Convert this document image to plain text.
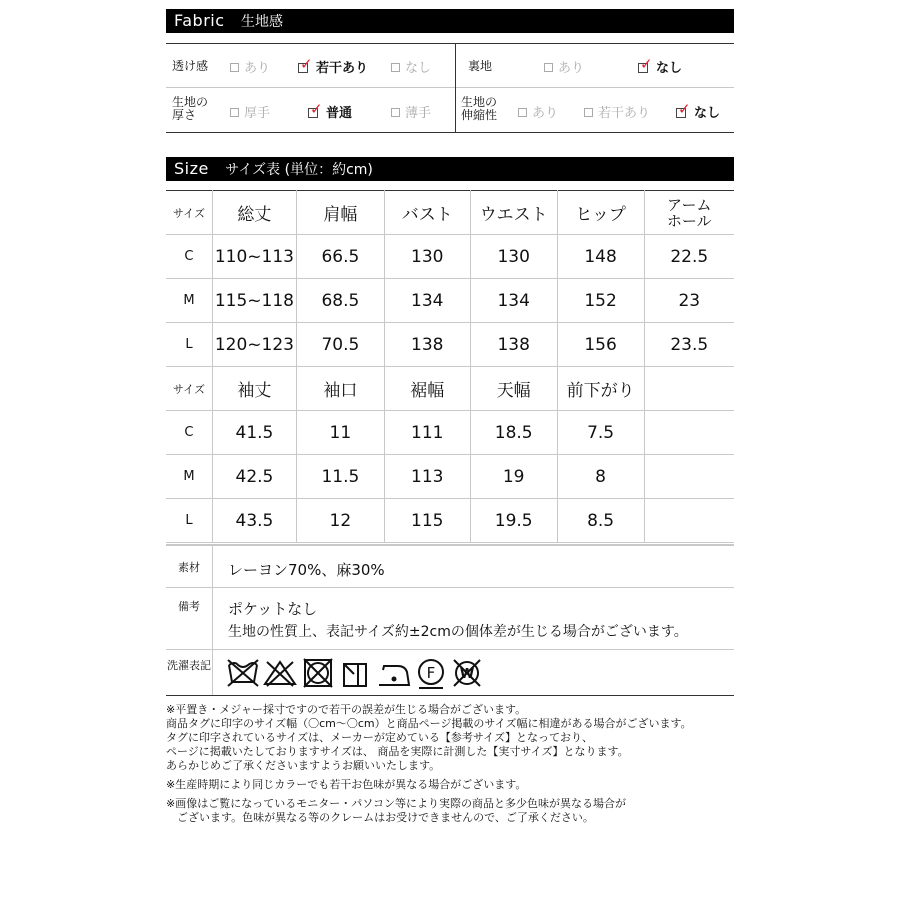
Fabric 生地感
透け感	あり ✓ 若干あり	なし	裏地	あり	✓ なし
生地の厚さ	厚手	✓ 普通	薄手
生地の伸縮性	あり	若干あり ✓ なし
Size サイズ表 (単位：約cm)
サイズ	総丈	肩幅	バスト	ウエスト	ヒップ	アーム
ホール
C	110~113	66.5	130	130	148	22.5
M	115~118	68.5	134	134	152	23
L	120~123	70.5	138	138	156	23.5
サイズ	袖丈	袖口	裾幅	天幅	前下がり	
C	41.5	11	111	18.5	7.5	
M	42.5	11.5	113	19	8	
L	43.5	12	115	19.5	8.5	
素材	レーヨン70%、麻30%
備考	ポケットなし
生地の性質上、表記サイズ約±2cmの個体差が生じる場合がございます。
洗濯表記	F W
※平置き・メジャー採寸ですので若干の誤差が生じる場合がございます。
商品タグに印字のサイズ幅（〇cm～〇cm）と商品ページ掲載のサイズ幅に相違がある場合がございます。
タグに印字されているサイズは、メーカーが定めている【参考サイズ】となっており、
ページに掲載いたしておりますサイズは、 商品を実際に計測した【実寸サイズ】となります。
あらかじめご了承くださいますようお願いいたします。
※生産時期により同じカラーでも若干お色味が異なる場合がございます。
※画像はご覧になっているモニター・パソコン等により実際の商品と多少色味が異なる場合が
　ございます。色味が異なる等のクレームはお受けできませんので、ご了承ください。
